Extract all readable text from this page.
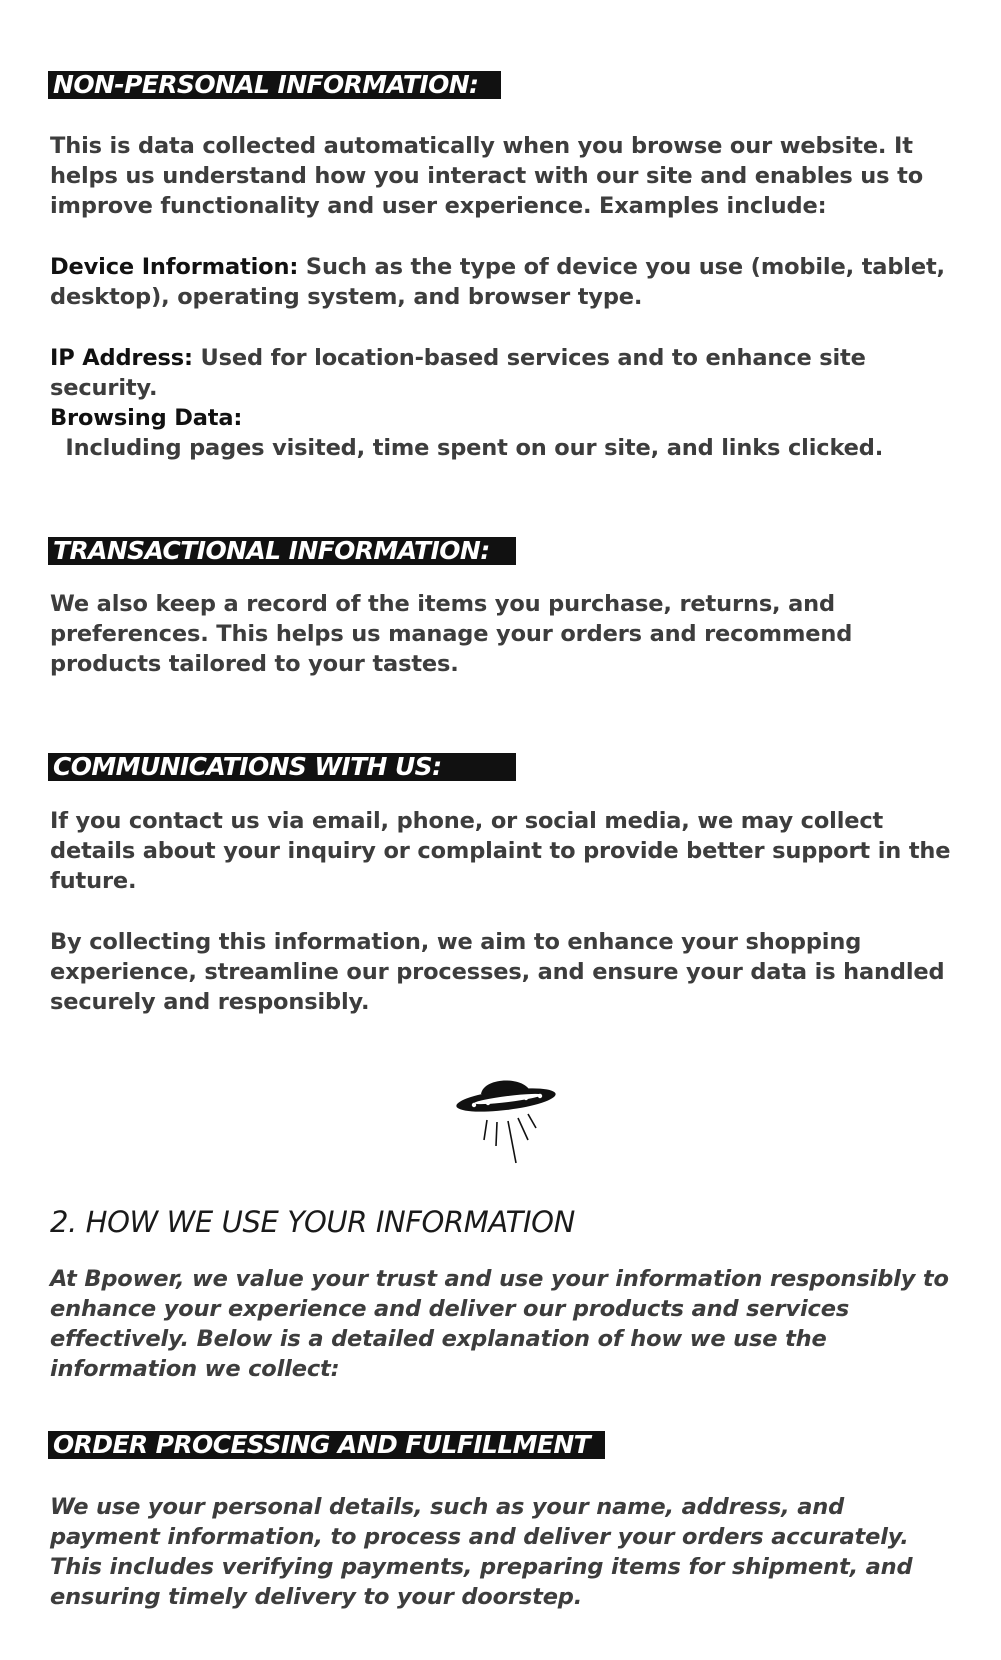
NON-PERSONAL INFORMATION:

This is data collected automatically when you browse our website. It helps us understand how you interact with our site and enables us to improve functionality and user experience. Examples include:

Device Information: Such as the type of device you use (mobile, tablet, desktop), operating system, and browser type.

IP Address: Used for location-based services and to enhance site security.

Browsing Data:  Including pages visited, time spent on our site, and links clicked.

TRANSACTIONAL INFORMATION:

We also keep a record of the items you purchase, returns, and preferences. This helps us manage your orders and recommend products tailored to your tastes.

COMMUNICATIONS WITH US:

If you contact us via email, phone, or social media, we may collect details about your inquiry or complaint to provide better support in the future.

By collecting this information, we aim to enhance your shopping experience, streamline our processes, and ensure your data is handled securely and responsibly.

2. HOW WE USE YOUR INFORMATION

At Bpower, we value your trust and use your information responsibly to enhance your experience and deliver our products and services effectively. Below is a detailed explanation of how we use the information we collect:

ORDER PROCESSING AND FULFILLMENT

We use your personal details, such as your name, address, and payment information, to process and deliver your orders accurately. This includes verifying payments, preparing items for shipment, and ensuring timely delivery to your doorstep.
